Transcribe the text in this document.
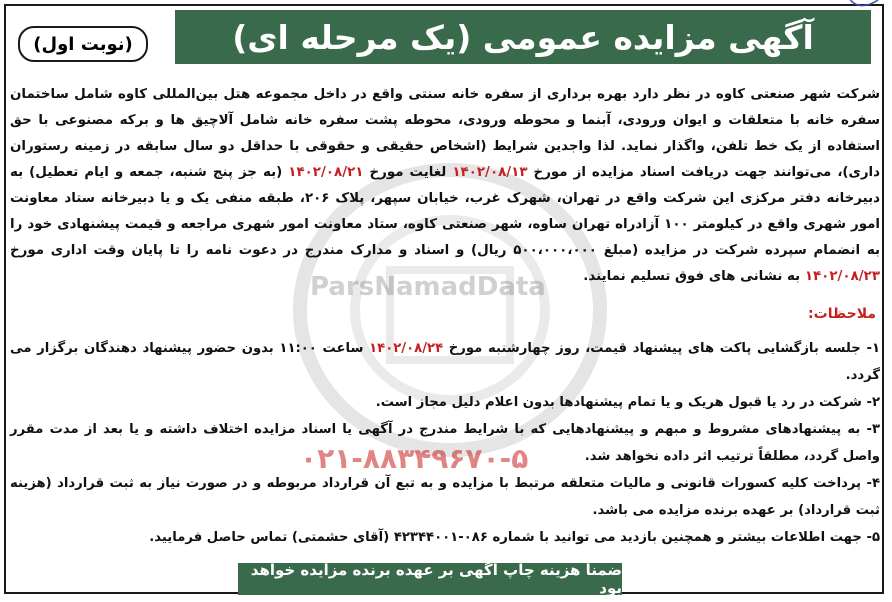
آگهی مزایده عمومی (یک مرحله ای)
(نوبت اول)
شرکت شهر صنعتی کاوه در نظر دارد بهره برداری از سفره خانه سنتی واقع در داخل مجموعه هتل بین‌المللی کاوه شامل ساختمان سفره خانه با متعلقات و ایوان ورودی، آبنما و محوطه ورودی، محوطه پشت سفره خانه شامل آلاچیق ها و برکه مصنوعی با حق استفاده از یک خط تلفن، واگذار نماید. لذا واجدین شرایط (اشخاص حقیقی و حقوقی با حداقل دو سال سابقه در زمینه رستوران داری)، می‌توانند جهت دریافت اسناد مزایده از مورخ ۱۴۰۲/۰۸/۱۳ لغایت مورخ ۱۴۰۲/۰۸/۲۱ (به جز پنج شنبه، جمعه و ایام تعطیل) به دبیرخانه دفتر مرکزی این شرکت واقع در تهران، شهرک غرب، خیابان سپهر، پلاک ۲۰۶، طبقه منفی یک و یا دبیرخانه ستاد معاونت امور شهری واقع در کیلومتر ۱۰۰ آزادراه تهران ساوه، شهر صنعتی کاوه، ستاد معاونت امور شهری مراجعه و قیمت پیشنهادی خود را به انضمام سپرده شرکت در مزایده (مبلغ ۵۰۰،۰۰۰،۰۰۰ ریال) و اسناد و مدارک مندرج در دعوت نامه را تا پایان وقت اداری مورخ ۱۴۰۲/۰۸/۲۳ به نشانی های فوق تسلیم نمایند.
ملاحظات:
۱- جلسه بازگشایی پاکت های پیشنهاد قیمت، روز چهارشنبه مورخ ۱۴۰۲/۰۸/۲۴ ساعت ۱۱:۰۰ بدون حضور پیشنهاد دهندگان برگزار می گردد.
۲- شرکت در رد یا قبول هریک و یا تمام پیشنهادها بدون اعلام دلیل مجاز است.
۳- به پیشنهادهای مشروط و مبهم و پیشنهادهایی که با شرایط مندرج در آگهی یا اسناد مزایده اختلاف داشته و یا بعد از مدت مقرر واصل گردد، مطلقاً ترتیب اثر داده نخواهد شد.
۴- پرداخت کلیه کسورات قانونی و مالیات متعلقه مرتبط با مزایده و به تبع آن قرارداد مربوطه و در صورت نیاز به ثبت قرارداد (هزینه ثبت قرارداد) بر عهده برنده مزایده می باشد.
۵- جهت اطلاعات بیشتر و همچنین بازدید می توانید با شماره ۰۸۶-۴۲۳۴۴۰۰۱ (آقای حشمتی) تماس حاصل فرمایید.
ParsNamadData
۰۲۱-۸۸۳۴۹۶۷۰-۵
ضمنا هزینه چاپ آگهی بر عهده برنده مزایده خواهد بود
